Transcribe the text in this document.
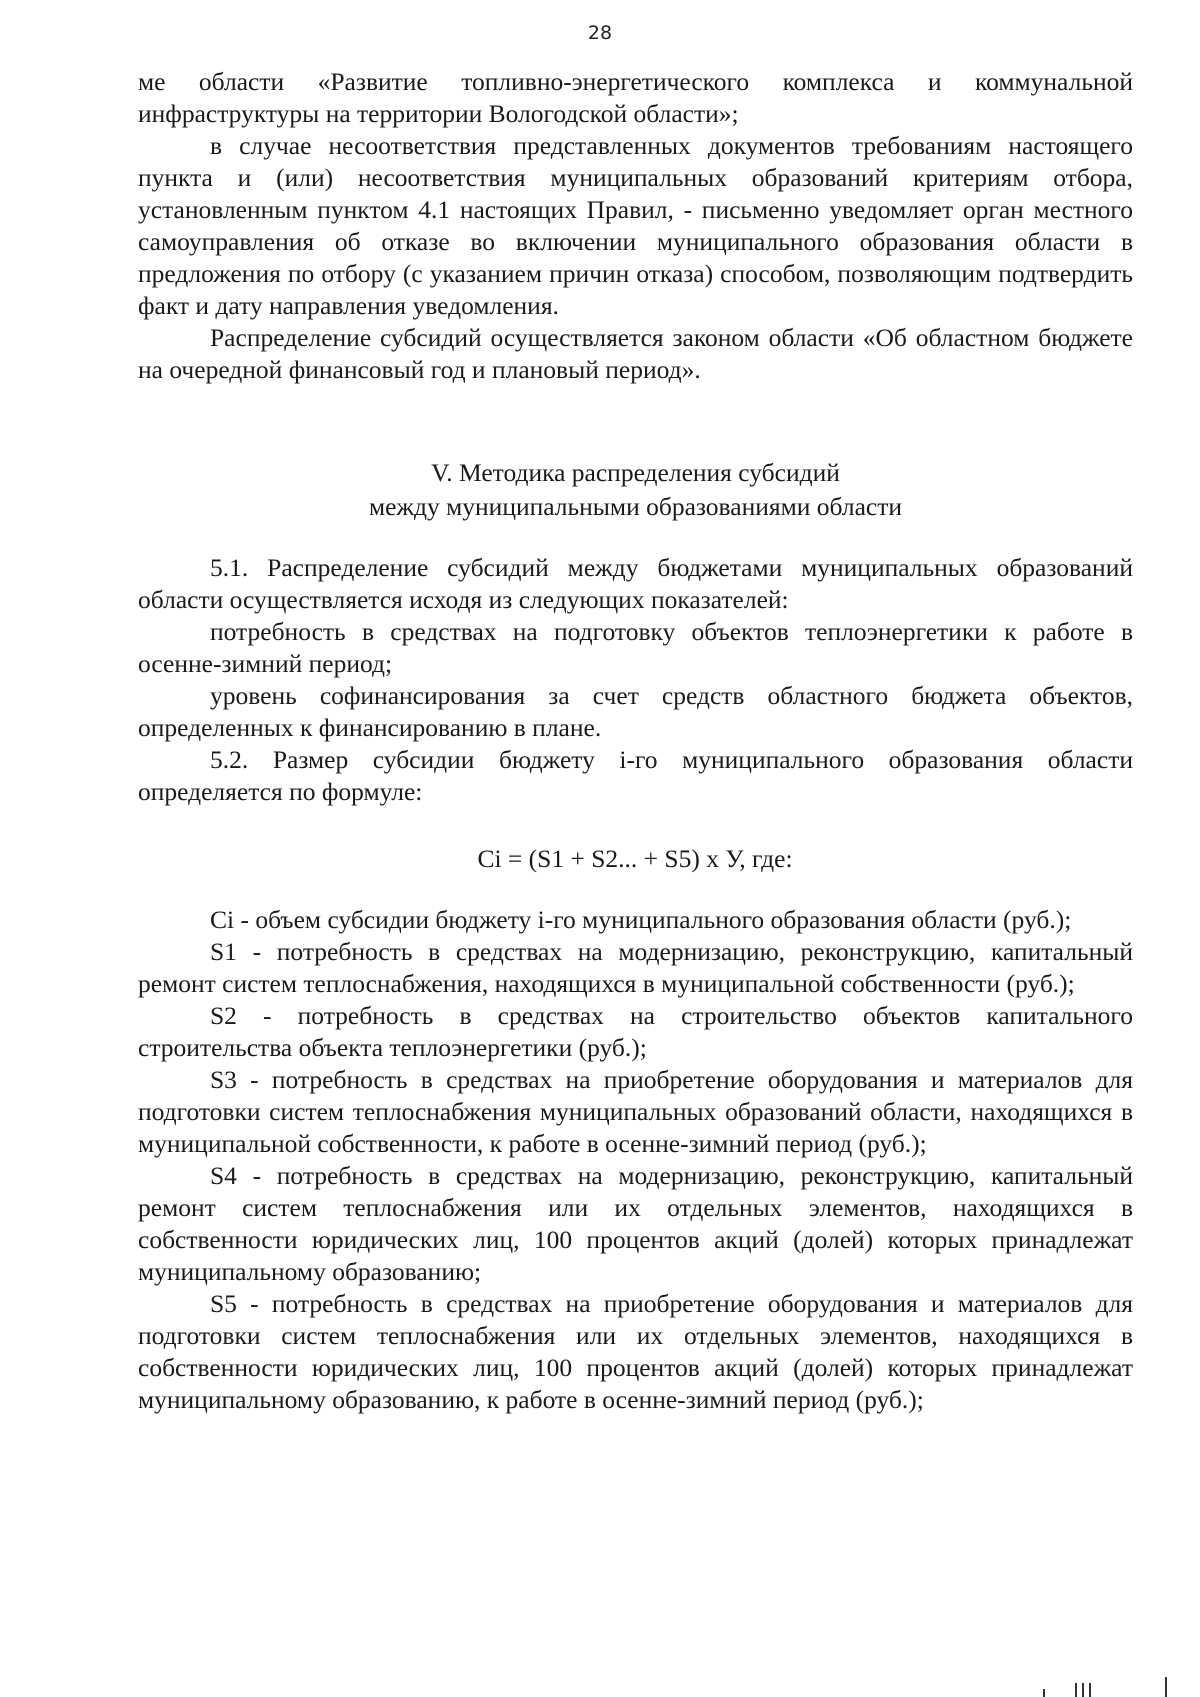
28

ме области «Развитие топливно-энергетического комплекса и коммунальной инфраструктуры на территории Вологодской области»;

в случае несоответствия представленных документов требованиям настоящего пункта и (или) несоответствия муниципальных образований критериям отбора, установленным пунктом 4.1 настоящих Правил, - письменно уведомляет орган местного самоуправления об отказе во включении муниципального образования области в предложения по отбору (с указанием причин отказа) способом, позволяющим подтвердить факт и дату направления уведомления.

Распределение субсидий осуществляется законом области «Об областном бюджете на очередной финансовый год и плановый период».

V. Методика распределения субсидий
между муниципальными образованиями области

5.1. Распределение субсидий между бюджетами муниципальных образований области осуществляется исходя из следующих показателей:

потребность в средствах на подготовку объектов теплоэнергетики к работе в осенне-зимний период;

уровень софинансирования за счет средств областного бюджета объектов, определенных к финансированию в плане.

5.2. Размер субсидии бюджету i-го муниципального образования области определяется по формуле:

Ci = (S1 + S2... + S5) x У, где:

Ci - объем субсидии бюджету i-го муниципального образования области (руб.);

S1 - потребность в средствах на модернизацию, реконструкцию, капитальный ремонт систем теплоснабжения, находящихся в муниципальной собственности (руб.);

S2 - потребность в средствах на строительство объектов капитального строительства объекта теплоэнергетики (руб.);

S3 - потребность в средствах на приобретение оборудования и материалов для подготовки систем теплоснабжения муниципальных образований области, находящихся в муниципальной собственности, к работе в осенне-зимний период (руб.);

S4 - потребность в средствах на модернизацию, реконструкцию, капитальный ремонт систем теплоснабжения или их отдельных элементов, находящихся в собственности юридических лиц, 100 процентов акций (долей) которых принадлежат муниципальному образованию;

S5 - потребность в средствах на приобретение оборудования и материалов для подготовки систем теплоснабжения или их отдельных элементов, находящихся в собственности юридических лиц, 100 процентов акций (долей) которых принадлежат муниципальному образованию, к работе в осенне-зимний период (руб.);
